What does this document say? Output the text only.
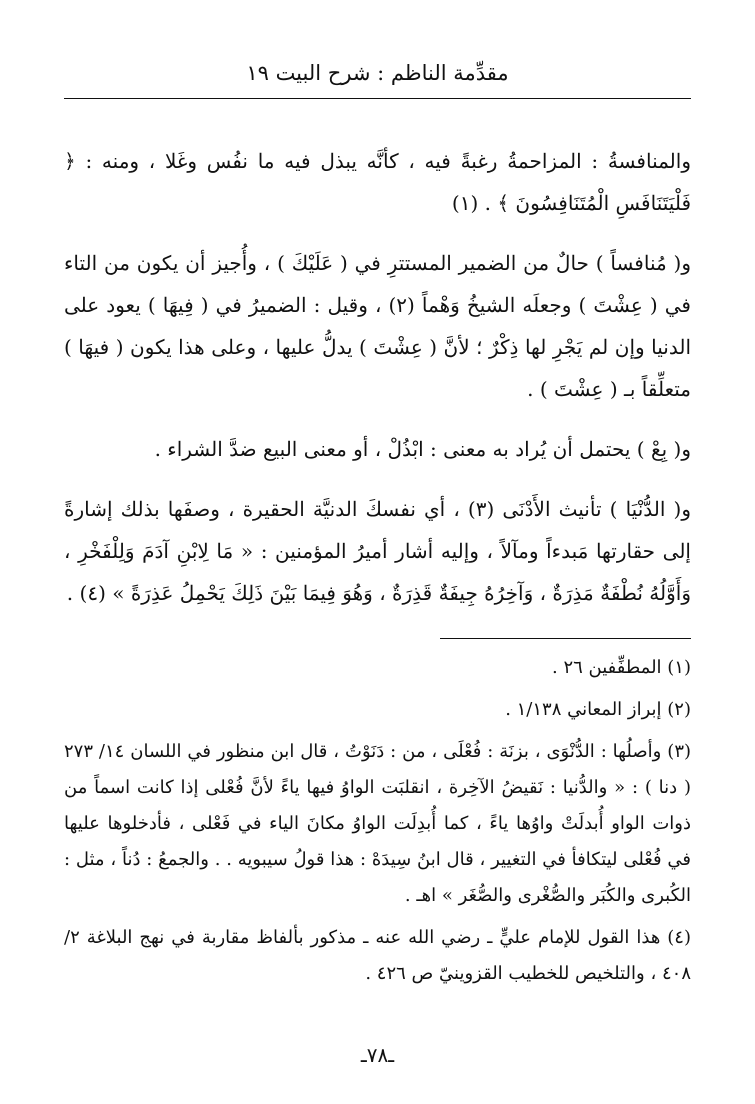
مقدِّمة الناظم : شرح البيت ١٩

والمنافسةُ : المزاحمةُ رغبةً فيه ، كأنَّه يبذل فيه ما نفُس وغَلا ، ومنه : ﴿ فَلْيَتَنَافَسِ الْمُتَنَافِسُونَ ﴾ . (١)

و( مُنافساً ) حالٌ من الضمير المستترِ في ( عَلَيْكَ ) ، وأُجيز أن يكون من التاء في ( عِشْتَ ) وجعلَه الشيخُ وَهْماً (٢) ، وقيل : الضميرُ في ( فِيهَا ) يعود على الدنيا وإن لم يَجْرِ لها ذِكْرٌ ؛ لأنَّ ( عِشْتَ ) يدلُّ عليها ، وعلى هذا يكون ( فيهَا ) متعلِّقاً بـ ( عِشْتَ ) .

و( بِعْ ) يحتمل أن يُراد به معنى : ابْذُلْ ، أو معنى البيع ضدَّ الشراء .

و( الدُّنْيَا ) تأنيث الأَدْنَى (٣) ، أي نفسكَ الدنيَّة الحقيرة ، وصفَها بذلك إشارةً إلى حقارتها مَبدءاً ومآلاً ، وإليه أشار أميرُ المؤمنين : « مَا لِابْنِ آدَمَ وَلِلْفَخْرِ ، وَأَوَّلُهُ نُطْفَةٌ مَذِرَةٌ ، وَآخِرُهُ جِيفَةٌ قَذِرَةٌ ، وَهُوَ فِيمَا بَيْنَ ذَلِكَ يَحْمِلُ عَذِرَةً » (٤) .

(١) المطفِّفين ٢٦ .

(٢) إبراز المعاني ١/١٣٨ .

(٣) وأصلُها : الدُّنْوَى ، بزنَة : فُعْلَى ، من : دَنَوْتُ ، قال ابن منظور في اللسان ١٤/ ٢٧٣ ( دنا ) : « والدُّنيا : نَقيضُ الآخِرة ، انقلبَت الواوُ فيها ياءً لأنَّ فُعْلى إذا كانت اسماً من ذوات الواو أُبدلَتْ واوُها ياءً ، كما أُبدِلَت الواوُ مكانَ الياء في فَعْلى ، فأدخلوها عليها في فُعْلى ليتكافأ في التغيير ، قال ابنُ سِيدَهْ : هذا قولُ سيبويه . . والجمعُ : دُناً ، مثل : الكُبرى والكُبَر والصُّغْرى والصُّغَر » اهـ .

(٤) هذا القول للإمام عليٍّ ـ رضي الله عنه ـ مذكور بألفاظ مقاربة في نهج البلاغة ٢/ ٤٠٨ ، والتلخيص للخطيب القزوينيّ ص ٤٢٦ .

ـ٧٨ـ
